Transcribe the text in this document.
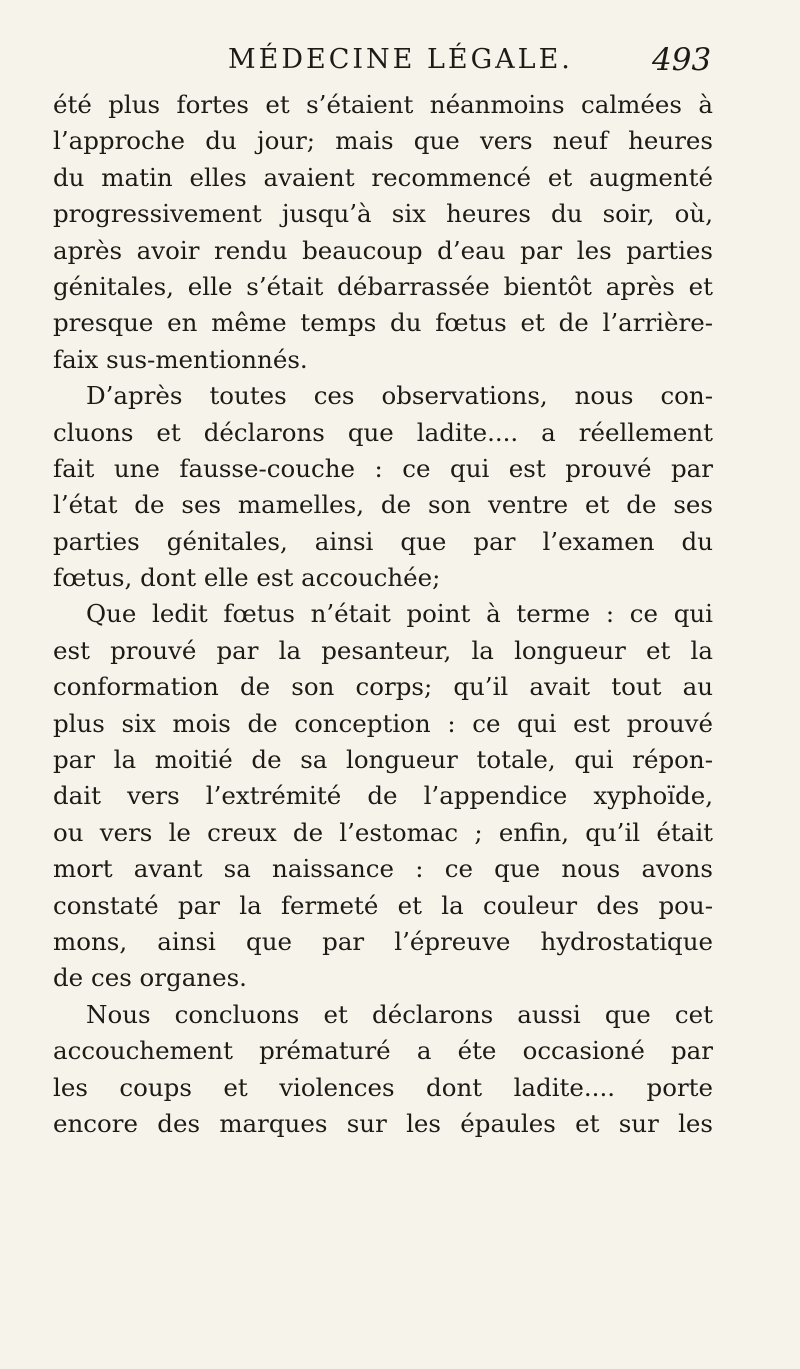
MÉDECINE LÉGALE.	493
été plus fortes et s’étaient néanmoins calmées à
l’approche du jour; mais que vers neuf heures
du matin elles avaient recommencé et augmenté
progressivement jusqu’à six heures du soir, où,
après avoir rendu beaucoup d’eau par les parties
génitales, elle s’était débarrassée bientôt après et
presque en même temps du fœtus et de l’arrière-
faix sus-mentionnés.
D’après toutes ces observations, nous con-
cluons et déclarons que ladite.... a réellement
fait une fausse-couche : ce qui est prouvé par
l’état de ses mamelles, de son ventre et de ses
parties génitales, ainsi que par l’examen du
fœtus, dont elle est accouchée;
Que ledit fœtus n’était point à terme : ce qui
est prouvé par la pesanteur, la longueur et la
conformation de son corps; qu’il avait tout au
plus six mois de conception : ce qui est prouvé
par la moitié de sa longueur totale, qui répon-
dait vers l’extrémité de l’appendice xyphoïde,
ou vers le creux de l’estomac ; enfin, qu’il était
mort avant sa naissance : ce que nous avons
constaté par la fermeté et la couleur des pou-
mons, ainsi que par l’épreuve hydrostatique
de ces organes.
Nous concluons et déclarons aussi que cet
accouchement prématuré a éte occasioné par
les coups et violences dont ladite.... porte
encore des marques sur les épaules et sur les
